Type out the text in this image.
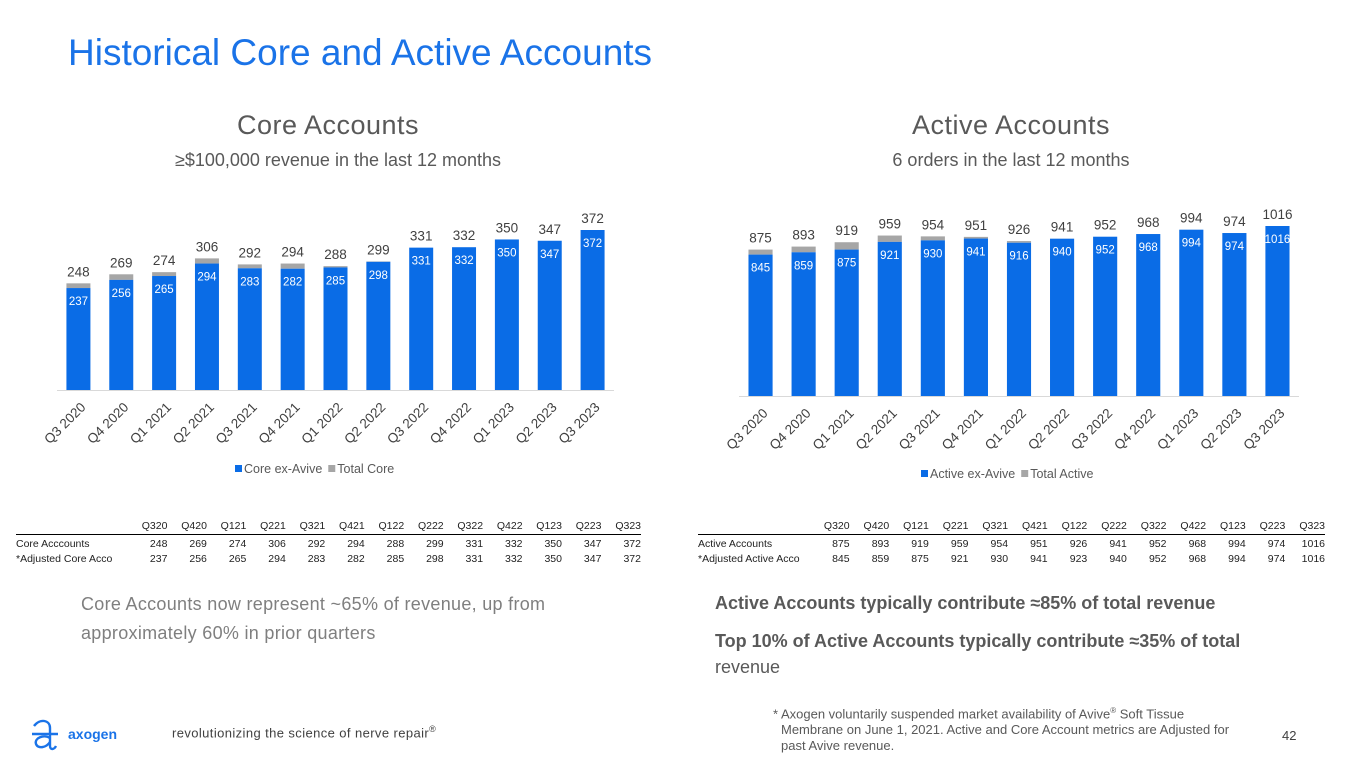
Historical Core and Active Accounts
Core Accounts
≥$100,000 revenue in the last 12 months
Active Accounts
6 orders in the last 12 months
248
237
Q3 2020
269
256
Q4 2020
274
265
Q1 2021
306
294
Q2 2021
292
283
Q3 2021
294
282
Q4 2021
288
285
Q1 2022
299
298
Q2 2022
331
331
Q3 2022
332
332
Q4 2022
350
350
Q1 2023
347
347
Q2 2023
372
372
Q3 2023
Core ex-Avive Total Core
875
845
Q3 2020
893
859
Q4 2020
919
875
Q1 2021
959
921
Q2 2021
954
930
Q3 2021
951
941
Q4 2021
926
916
Q1 2022
941
940
Q2 2022
952
952
Q3 2022
968
968
Q4 2022
994
994
Q1 2023
974
974
Q2 2023
1016
1016
Q3 2023
Active ex-Avive Total Active
	Q320	Q420	Q121	Q221	Q321	Q421	Q122	Q222	Q322	Q422	Q123	Q223	Q323
Core Acccounts	248	269	274	306	292	294	288	299	331	332	350	347	372
*Adjusted Core Acco	237	256	265	294	283	282	285	298	331	332	350	347	372
	Q320	Q420	Q121	Q221	Q321	Q421	Q122	Q222	Q322	Q422	Q123	Q223	Q323
Active Accounts	875	893	919	959	954	951	926	941	952	968	994	974	1016
*Adjusted Active Acco	845	859	875	921	930	941	923	940	952	968	994	974	1016
Core Accounts now represent ~65% of revenue, up from approximately 60% in prior quarters

Active Accounts typically contribute ≈85% of total revenue

Top 10% of Active Accounts typically contribute ≈35% of total

revenue
* Axogen voluntarily suspended market availability of Avive® Soft Tissue
Membrane on June 1, 2021. Active and Core Account metrics are Adjusted for
past Avive revenue.
axogen	revolutionizing the science of nerve repair®	42
